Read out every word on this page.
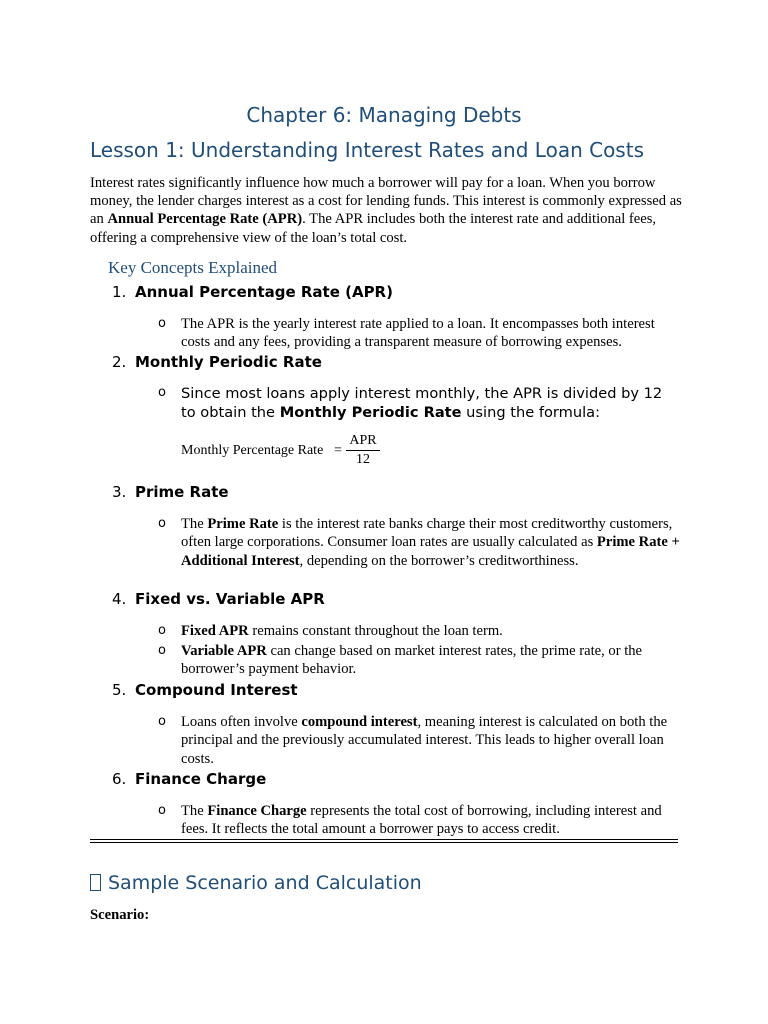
Chapter 6: Managing Debts
Lesson 1: Understanding Interest Rates and Loan Costs

Interest rates significantly influence how much a borrower will pay for a loan. When you borrow money, the lender charges interest as a cost for lending funds. This interest is commonly expressed as an Annual Percentage Rate (APR). The APR includes both the interest rate and additional fees, offering a comprehensive view of the loan’s total cost.

Key Concepts Explained
1. Annual Percentage Rate (APR)
o The APR is the yearly interest rate applied to a loan. It encompasses both interest costs and any fees, providing a transparent measure of borrowing expenses.
2. Monthly Periodic Rate
o Since most loans apply interest monthly, the APR is divided by 12 to obtain the Monthly Periodic Rate using the formula:
Monthly Percentage Rate =
APR
12
3. Prime Rate
o The Prime Rate is the interest rate banks charge their most creditworthy customers, often large corporations. Consumer loan rates are usually calculated as Prime Rate + Additional Interest, depending on the borrower’s creditworthiness.
4. Fixed vs. Variable APR
o Fixed APR remains constant throughout the loan term.
o Variable APR can change based on market interest rates, the prime rate, or the borrower’s payment behavior.
5. Compound Interest
o Loans often involve compound interest, meaning interest is calculated on both the principal and the previously accumulated interest. This leads to higher overall loan costs.
6. Finance Charge
o The Finance Charge represents the total cost of borrowing, including interest and fees. It reflects the total amount a borrower pays to access credit.
Sample Scenario and Calculation

Scenario:
